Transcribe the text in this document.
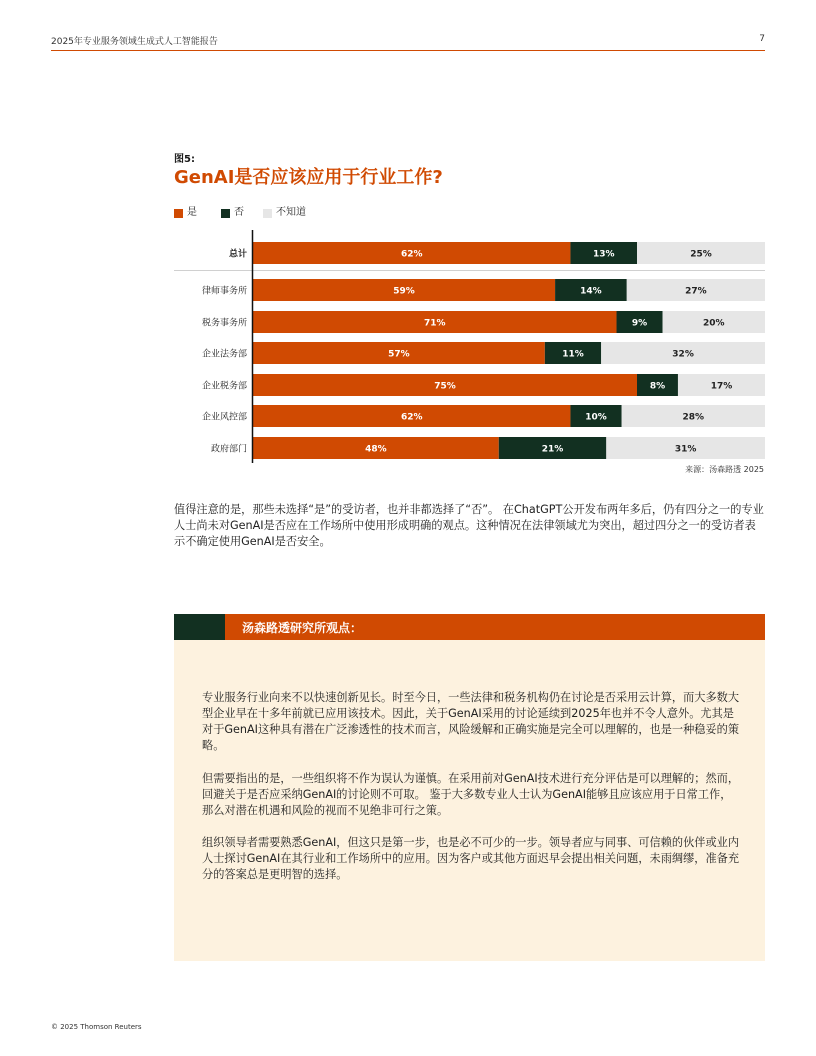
2025年专业服务领域生成式人工智能报告	7
图5:
GenAI是否应该应用于行业工作?
是	否	不知道
总计	62%	13%	25%
律师事务所	59%	14%	27%
税务事务所	71%	9%	20%
企业法务部	57%	11%	32%
企业税务部	75%	8%	17%
企业风控部	62%	10%	28%
政府部门	48%	21%	31%
来源：汤森路透 2025
值得注意的是，那些未选择“是”的受访者，也并非都选择了“否”。 在ChatGPT公开发布两年多后，仍有四分之一的专业人士尚未对GenAI是否应在工作场所中使用形成明确的观点。这种情况在法律领域尤为突出，超过四分之一的受访者表示不确定使用GenAI是否安全。
汤森路透研究所观点：
专业服务行业向来不以快速创新见长。时至今日，一些法律和税务机构仍在讨论是否采用云计算，而大多数大型企业早在十多年前就已应用该技术。因此，关于GenAI采用的讨论延续到2025年也并不令人意外。尤其是对于GenAI这种具有潜在广泛渗透性的技术而言，风险缓解和正确实施是完全可以理解的，也是一种稳妥的策略。
但需要指出的是，一些组织将不作为误认为谨慎。在采用前对GenAI技术进行充分评估是可以理解的；然而，回避关于是否应采纳GenAI的讨论则不可取。 鉴于大多数专业人士认为GenAI能够且应该应用于日常工作，那么对潜在机遇和风险的视而不见绝非可行之策。
组织领导者需要熟悉GenAI，但这只是第一步，也是必不可少的一步。领导者应与同事、可信赖的伙伴或业内人士探讨GenAI在其行业和工作场所中的应用。因为客户或其他方面迟早会提出相关问题，未雨绸缪，准备充分的答案总是更明智的选择。
© 2025 Thomson Reuters
